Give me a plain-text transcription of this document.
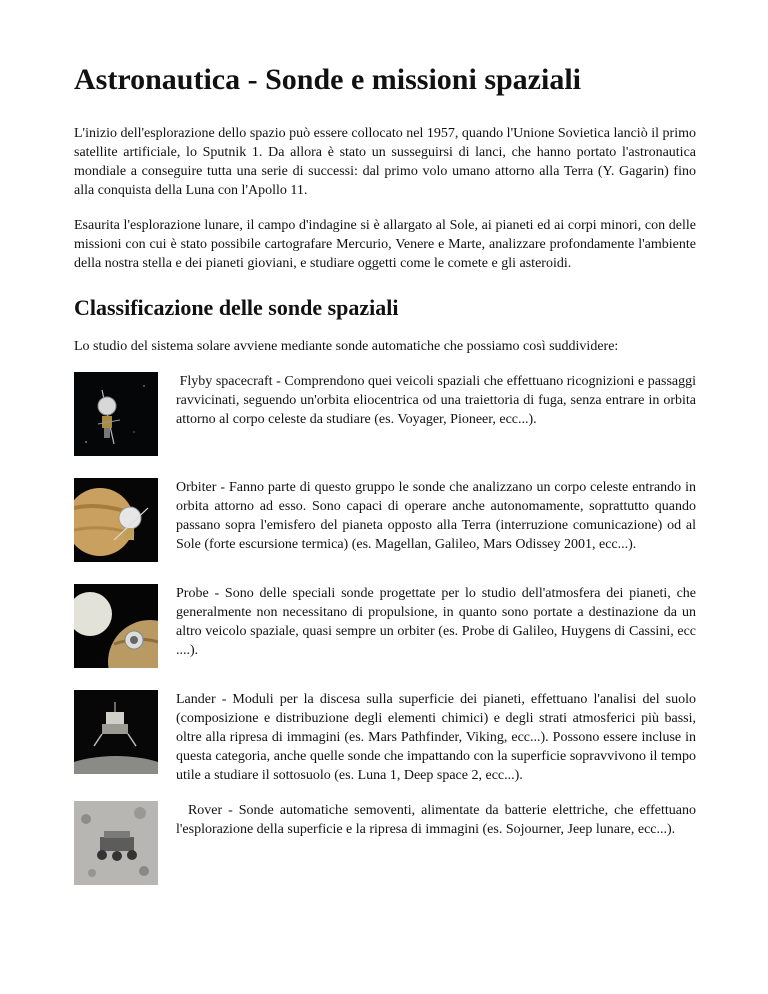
Astronautica - Sonde e missioni spaziali

L'inizio dell'esplorazione dello spazio può essere collocato nel 1957, quando l'Unione Sovietica lanciò il primo satellite artificiale, lo Sputnik 1. Da allora è stato un susseguirsi di lanci, che hanno portato l'astronautica mondiale a conseguire tutta una serie di successi: dal primo volo umano attorno alla Terra (Y. Gagarin) fino alla conquista della Luna con l'Apollo 11.

Esaurita l'esplorazione lunare, il campo d'indagine si è allargato al Sole, ai pianeti ed ai corpi minori, con delle missioni con cui è stato possibile cartografare Mercurio, Venere e Marte, analizzare profondamente l'ambiente della nostra stella e dei pianeti gioviani, e studiare oggetti come le comete e gli asteroidi.

Classificazione delle sonde spaziali

Lo studio del sistema solare avviene mediante sonde automatiche che possiamo così suddividere:

Flyby spacecraft - Comprendono quei veicoli spaziali che effettuano ricognizioni e passaggi ravvicinati, seguendo un'orbita eliocentrica od una traiettoria di fuga, senza entrare in orbita attorno al corpo celeste da studiare (es. Voyager, Pioneer, ecc...).

Orbiter - Fanno parte di questo gruppo le sonde che analizzano un corpo celeste entrando in orbita attorno ad esso. Sono capaci di operare anche autonomamente, soprattutto quando passano sopra l'emisfero del pianeta opposto alla Terra (interruzione comunicazione) od al Sole (forte escursione termica) (es. Magellan, Galileo, Mars Odissey 2001, ecc...).

Probe - Sono delle speciali sonde progettate per lo studio dell'atmosfera dei pianeti, che generalmente non necessitano di propulsione, in quanto sono portate a destinazione da un altro veicolo spaziale, quasi sempre un orbiter (es. Probe di Galileo, Huygens di Cassini, ecc ....).

Lander - Moduli per la discesa sulla superficie dei pianeti, effettuano l'analisi del suolo (composizione e distribuzione degli elementi chimici) e degli strati atmosferici più bassi, oltre alla ripresa di immagini (es. Mars Pathfinder, Viking, ecc...). Possono essere incluse in questa categoria, anche quelle sonde che impattando con la superficie sopravvivono il tempo utile a studiare il sottosuolo (es. Luna 1, Deep space 2, ecc...).

Rover - Sonde automatiche semoventi, alimentate da batterie elettriche, che effettuano l'esplorazione della superficie e la ripresa di immagini (es. Sojourner, Jeep lunare, ecc...).
